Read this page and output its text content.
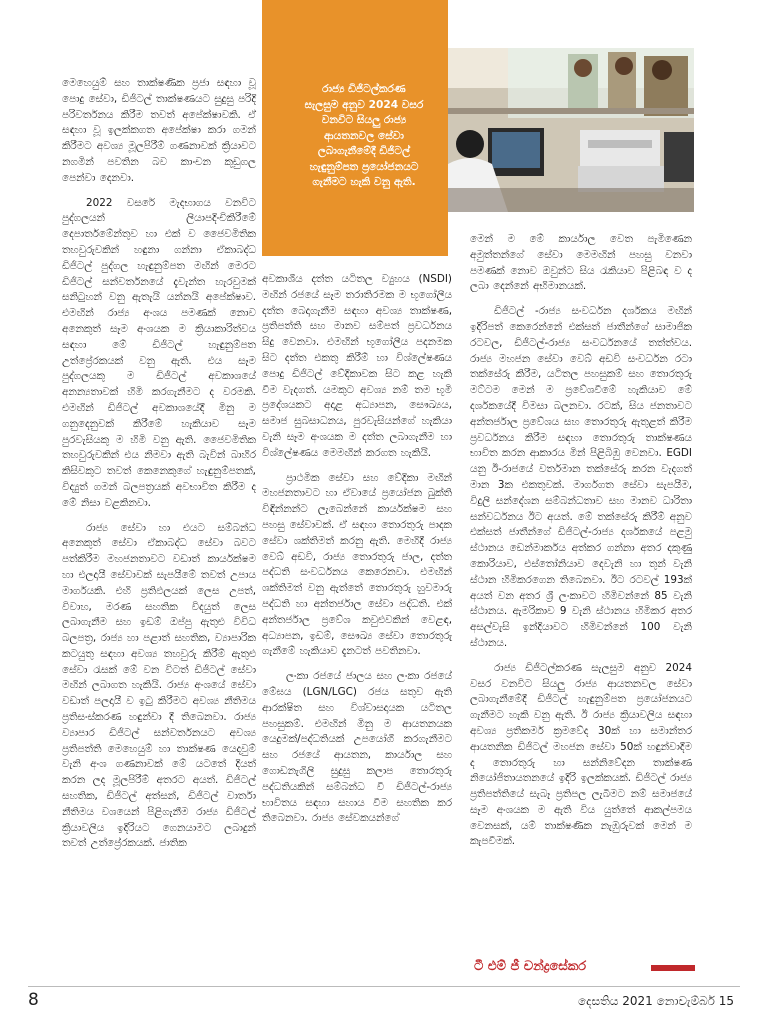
රාජ්‍ය ඩිජිටල්කරණ සැලසුම අනුව 2024 වසර වනවිට සියලු රාජ්‍ය ආයතනවල සේවා ලබාගැනීමේදී ඩිජිටල් හැඳුනුම්පත ප්‍රයෝජනයට ගැනීමට හැකි වනු ඇති.

මෙහෙයුම් සහ තාක්ෂණික ප්‍රජා සඳහා වූ පොදු සේවා, ඩිජිටල් තාක්ෂණයට සුදුසු පරිදි පරිවර්තනය කිරීම තවත් අපේක්ෂාවකි. ඒ සඳහා වූ ඉලක්කගත අපේක්ෂා කරා ගමන් කිරීමට අවශ්‍ය මූලපිරීම් ගණනාවක් ක්‍රියාවට නගමින් පවතින බව කාංචන කුඩුගල පෙන්වා දෙනවා.

2022 වසරේ මැදභාගය වනවිට පුද්ගලයන් ලියාපදිංචිකිරීමේ දෙපාර්තමේන්තුව හා එක් ව ජෛවමිතික තහවුරුවකින් හඳුනා ගන්නා ඒකාබද්ධ ඩිජිටල් පුද්ගල හැඳුනුම්පත මඟින් මෙරට ඩිජිටල් සන්වර්තනයේ දැවැන්ත හැරවුමක් සනිටුහන් වනු ඇතැයි යන්නයි අපේක්ෂාව. එමඟින් රාජ්‍ය අංශය පමණක් නොව අනෙකුත් සෑම අංශයක ම ක්‍රියාකාරිත්වය සඳහා මේ ඩිජිටල් හැඳුනුම්පත උත්ප්‍රේරකයක් වනු ඇති. එය සෑම පුද්ගලයකු ම ඩිජිටල් අවකාශයේ අනන්‍යතාවක් හිමි කරගැනීමට ද වරමකි. එමඟින් ඩිජිටල් අවකාශයේදී මිනු ම ගනුදෙනුවක් කිරීමේ හැකියාව සෑම පුරවැසියකු ම හිමි වනු ඇති. ජෛවමිතික තහවුරුවකින් එය නිමවා ඇති බැවින් බාහිර කිසිවකුට තවත් කෙනෙකුගේ හැඳුනුම්පතක්, විද්‍යුත් ගමන් බලපත්‍රයක් අවභාවිත කිරීම ද මේ නිසා වළකිනවා.

රාජ්‍ය සේවා හා එයට සම්බන්ධ අනෙකුත් සේවා ඒකාබද්ධ සේවා බවට පත්කිරීම මහජනතාවට වඩාත් කාර්යක්ෂම හා එලදායී සේවාවක් සැපයීමේ තවත් උපාය මාර්ගයකි. එහි ප්‍රතිඵලයක් ලෙස උපත්, විවාහ, මරණ සහතික විදයුත් ලෙස ලබාගැනීම සහ ඉඩම් ඔප්පු ඇතුළු විවිධ බලපත්‍ර, රාජ්‍ය හා පළාත් සහතික, ව්‍යාපාරික කටයුතු සඳහා අවශ්‍ය තහවුරු කිරීම් ඇතුළු සේවා රැසක් මේ වන විටත් ඩිජිටල් සේවා මඟින් ලබාගත හැකියි. රාජ්‍ය අංශයේ සේවා වඩාත් පලදායී ව ඉටු කිරීමට අවශ්‍ය නීතිමය ප්‍රතිසංස්කරණ හඳුන්වා දී තිබෙනවා. රාජ්‍ය ව්‍යාපාර ඩිජිටල් සන්වර්තනයට අවශ්‍ය ප්‍රතිපත්ති මෙහෙයුම් හා තාක්ෂණ යෙදවුම් වැනි අංශ ගණනාවක් මේ යටතේ දියත් කරන ලද මූලපිරීම් අතරට අයත්. ඩිජිටල් සහතික, ඩිජිටල් අත්සන්, ඩිජිටල් වාර්තා නීතිමය වශයෙන් පිළිගැනීම රාජ්‍ය ඩිජිටල් ක්‍රියාවලිය ඉදිරියට ගෙනයාමට ලබාදුන් තවත් උත්ප්‍රේරකයක්. ජාතික

අවකාශීය දත්ත යටිතල ව්‍යුහය (NSDI) මඟින් රජයේ සෑම තරාතිරමක ම භූගෝලීය දත්ත බෙදාගැනීම සඳහා අවශ්‍ය තාක්ෂණ, ප්‍රතිපත්ති සහ මානව සම්පත් ප්‍රවර්ධනය සිදු වෙනවා. එමඟින් භූගෝලීය පදනමක සිට දත්ත එකතු කිරීම් හා විශ්ලේෂණය පොදු ඩිජිටල් වේදිකාවක සිට කළ හැකි වීම වැදගත්. යමකුට අවශ්‍ය නම් තම භූමි ප්‍රදේශයකට අදාළ අධ්‍යාපන, සෞඛ්‍යය, සමාජ සුබසාධනය, පුරවැසියන්ගේ හැකියා වැනි සෑම අංශයක ම දත්ත ලබාගැනීම හා විශ්ලේෂණය මෙමඟින් කරගත හැකියි.

ප්‍රාථමික සේවා සහ වේදිකා මඟින් මහජනතාවට හා ඒවායේ ප්‍රයෝජන බුක්ති විඳින්නන්ට ලැබෙන්නේ කාර්යක්ෂම සහ පහසු සේවාවක්. ඒ සඳහා තොරතුරු පාදක සේවා ශක්තිමත් කරනු ඇති. මෙහිදී රාජ්‍ය වෙබ් අඩවි, රාජ්‍ය තොරතුරු ජාල, දත්ත පද්ධති සංවර්ධනය කෙරෙනවා. එමඟින් ශක්තිමත් වනු ඇත්තේ තොරතුරු හුවමාරු පද්ධති හා අන්තර්ජාල සේවා පද්ධති. එක් අන්තර්ජාල ප්‍රවේශ කවුළුවකින් වෙළඳ, අධ්‍යාපන, ඉඩම්, සෞඛ්‍ය සේවා තොරතුරු ගැනීමේ හැකියාව දැනටත් පවතිනවා.

ලංකා රජයේ ජාලය සහ ලංකා රජයේ මේඝය (LGN/LGC) රජය සතුව ඇති ආරක්ෂිත සහ විශ්වාසදායක යටිතල පහසුකම්. එමඟින් මිනු ම ආයතනයක යෙදුමක්/පද්ධතියක් උපයෝගී කරගැනීමට සහ රජයේ ආයතන, කාර්යාල සහ ගොඩනැගිලි සුදුසු කලාප තොරතුරු පද්ධතියකින් සම්බන්ධ වී ඩිජිටල්-රාජ්‍ය භාවිතය සඳහා සහාය වීම සහතික කර තිබෙනවා. රාජ්‍ය සේවකයන්ගේ

මෙන් ම මේ කාර්යාල වෙත පැමිණෙන අමුත්තන්ගේ සේවා මෙමඟින් පහසු වනවා පමණක් නොව ඔවුන්ට සිය රැකියාව පිළිබඳ ව ද ලබා දෙන්නේ අභිමානයක්.

ඩිජිටල් -රාජ්‍ය සංවර්ධන දර්ශකය මඟින් ඉදිරිපත් කෙරෙන්නේ එක්සත් ජාතීන්ගේ සාමාජික රටවල, ඩිජිටල්-රාජ්‍ය සංවර්ධනයේ තත්ත්වය. රාජ්‍ය මහජන සේවා වෙබ් අඩවි සංවර්ධන රටා තක්සේරු කිරීම, යටිතල පහසුකම් සහ තොරතුරු මට්ටම මෙන් ම ප්‍රවේශවීමේ හැකියාව මේ දර්ශකයේදී විමසා බලනවා. රටක්, සිය ජනතාවට අන්තර්ජාල ප්‍රවේශය සහ තොරතුරු ඇතුළත් කිරීම ප්‍රවර්ධනය කිරීම සඳහා තොරතුරු තාක්ෂණය භාවිත කරන ආකාරය මින් පිළිබිඹු වෙනවා. EGDI යනු ඊ-රාජයේ වර්තමාන තක්සේරු කරන වැදගත් මාන 3ක එකතුවක්. මාර්ගගත සේවා සැපයීම, විදුලි සන්දේශන සම්බන්ධතාව සහ මානව ධාරිතා සන්වර්ධනය ඊට අයත්. මේ තක්සේරු කිරීම් අනුව එක්සත් ජාතීන්ගේ ඩිජිටල්-රාජ්‍ය දර්ශකයේ පළමු ස්ථානය ඩෙන්මාර්කය අත්කර ගන්නා අතර දකුණු කොරියාව, එස්තෝනියාව දෙවැනි හා තුන් වැනි ස්ථාන හිමිකරගෙන තිබෙනවා. ඊට රටවල් 193ක් අයත් වන අතර ශ්‍රී ලංකාවට හිමිවන්නේ 85 වැනි ස්ථානය. ඇමරිකාව 9 වැනි ස්ථානය හිමිකර අතර අසල්වැසි ඉන්දියාවට හිමිවන්නේ 100 වැනි ස්ථානය.

රාජ්‍ය ඩිජිටල්කරණ සැලසුම අනුව 2024 වසර වනවිට සියලු රාජ්‍ය ආයතනවල සේවා ලබාගැනීමේදී ඩිජිටල් හැඳුනුම්පත ප්‍රයෝජනයට ගැනීමට හැකි වනු ඇති. ඊ රාජ්‍ය ක්‍රියාවලිය සඳහා අවශ්‍ය ප්‍රතිකර්ම ක්‍රමවේද 30ක් හා සමාන්තර ආයතනික ඩිජිටල් මහජන සේවා 50ක් හඳුන්වාදීම ද තොරතුරු හා සන්නිවේදන තාක්ෂණ නියෝජිතායතනයේ ඉදිරි ඉලක්කයක්. ඩිජිටල් රාජ්‍ය ප්‍රතිපත්තියේ සැබෑ ප්‍රතිපල ලැබීමට නම් සමාජයේ සෑම අංශයක ම ඇති විය යුත්තේ ආකල්පමය වෙනසක්, යම් තාක්ෂණික නැඹුරුවක් මෙන් ම කැපවීමක්.

ටී එම් ජී චන්ද්‍රසේකර
8	දෙසතිය 2021 නොවැම්බර් 15
